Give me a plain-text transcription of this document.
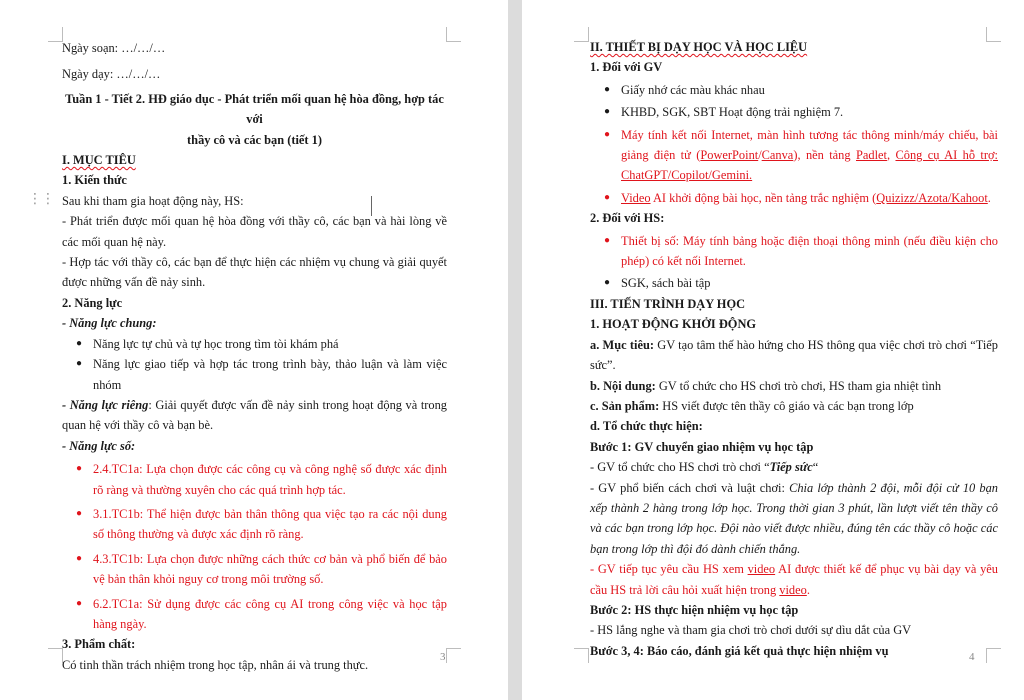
⋮⋮

Ngày soạn: …/…/…

Ngày dạy: …/…/…

Tuần 1 - Tiết 2. HĐ giáo dục - Phát triển mối quan hệ hòa đồng, hợp tác với
thầy cô và các bạn (tiết 1)

I. MỤC TIÊU

1. Kiến thức

Sau khi tham gia hoạt động này, HS:

- Phát triển được mối quan hệ hòa đồng với thầy cô, các bạn và hài lòng về các mối quan hệ này.

- Hợp tác với thầy cô, các bạn để thực hiện các nhiệm vụ chung và giải quyết được những vấn đề nảy sinh.

2. Năng lực

- Năng lực chung:

● Năng lực tự chủ và tự học trong tìm tòi khám phá
● Năng lực giao tiếp và hợp tác trong trình bày, thảo luận và làm việc nhóm

- Năng lực riêng: Giải quyết được vấn đề nảy sinh trong hoạt động và trong quan hệ với thầy cô và bạn bè.

- Năng lực số:

● 2.4.TC1a: Lựa chọn được các công cụ và công nghệ số được xác định rõ ràng và thường xuyên cho các quá trình hợp tác.
● 3.1.TC1b: Thể hiện được bản thân thông qua việc tạo ra các nội dung số thông thường và được xác định rõ ràng.
● 4.3.TC1b: Lựa chọn được những cách thức cơ bản và phổ biến để bảo vệ bản thân khỏi nguy cơ trong môi trường số.
● 6.2.TC1a: Sử dụng được các công cụ AI trong công việc và học tập hàng ngày.

3. Phẩm chất:

Có tinh thần trách nhiệm trong học tập, nhân ái và trung thực.

3

II. THIẾT BỊ DẠY HỌC VÀ HỌC LIỆU

1. Đối với GV

● Giấy nhớ các màu khác nhau
● KHBD, SGK, SBT Hoạt động trải nghiệm 7.
● Máy tính kết nối Internet, màn hình tương tác thông minh/máy chiếu, bài giảng điện tử (PowerPoint/Canva), nền tảng Padlet, Công cụ AI hỗ trợ: ChatGPT/Copilot/Gemini.
● Video AI khởi động bài học, nền tảng trắc nghiệm (Quizizz/Azota/Kahoot.

2. Đối với HS:

● Thiết bị số: Máy tính bảng hoặc điện thoại thông minh (nếu điều kiện cho phép) có kết nối Internet.
● SGK, sách bài tập

III. TIẾN TRÌNH DẠY HỌC

1. HOẠT ĐỘNG KHỞI ĐỘNG

a. Mục tiêu: GV tạo tâm thế hào hứng cho HS thông qua việc chơi trò chơi “Tiếp sức”.

b. Nội dung: GV tổ chức cho HS chơi trò chơi, HS tham gia nhiệt tình

c. Sản phẩm: HS viết được tên thầy cô giáo và các bạn trong lớp

d. Tổ chức thực hiện:

Bước 1: GV chuyển giao nhiệm vụ học tập

- GV tổ chức cho HS chơi trò chơi “Tiếp sức“

- GV phổ biến cách chơi và luật chơi: Chia lớp thành 2 đội, mỗi đội cử 10 bạn xếp thành 2 hàng trong lớp học. Trong thời gian 3 phút, lần lượt viết tên thầy cô và các bạn trong lớp học. Đội nào viết được nhiều, đúng tên các thầy cô hoặc các bạn trong lớp thì đội đó dành chiến thắng.

- GV tiếp tục yêu cầu HS xem video AI được thiết kế để phục vụ bài dạy và yêu cầu HS trả lời câu hỏi xuất hiện trong video.

Bước 2: HS thực hiện nhiệm vụ học tập

- HS lắng nghe và tham gia chơi trò chơi dưới sự dìu dắt của GV

Bước 3, 4: Báo cáo, đánh giá kết quả thực hiện nhiệm vụ	4
